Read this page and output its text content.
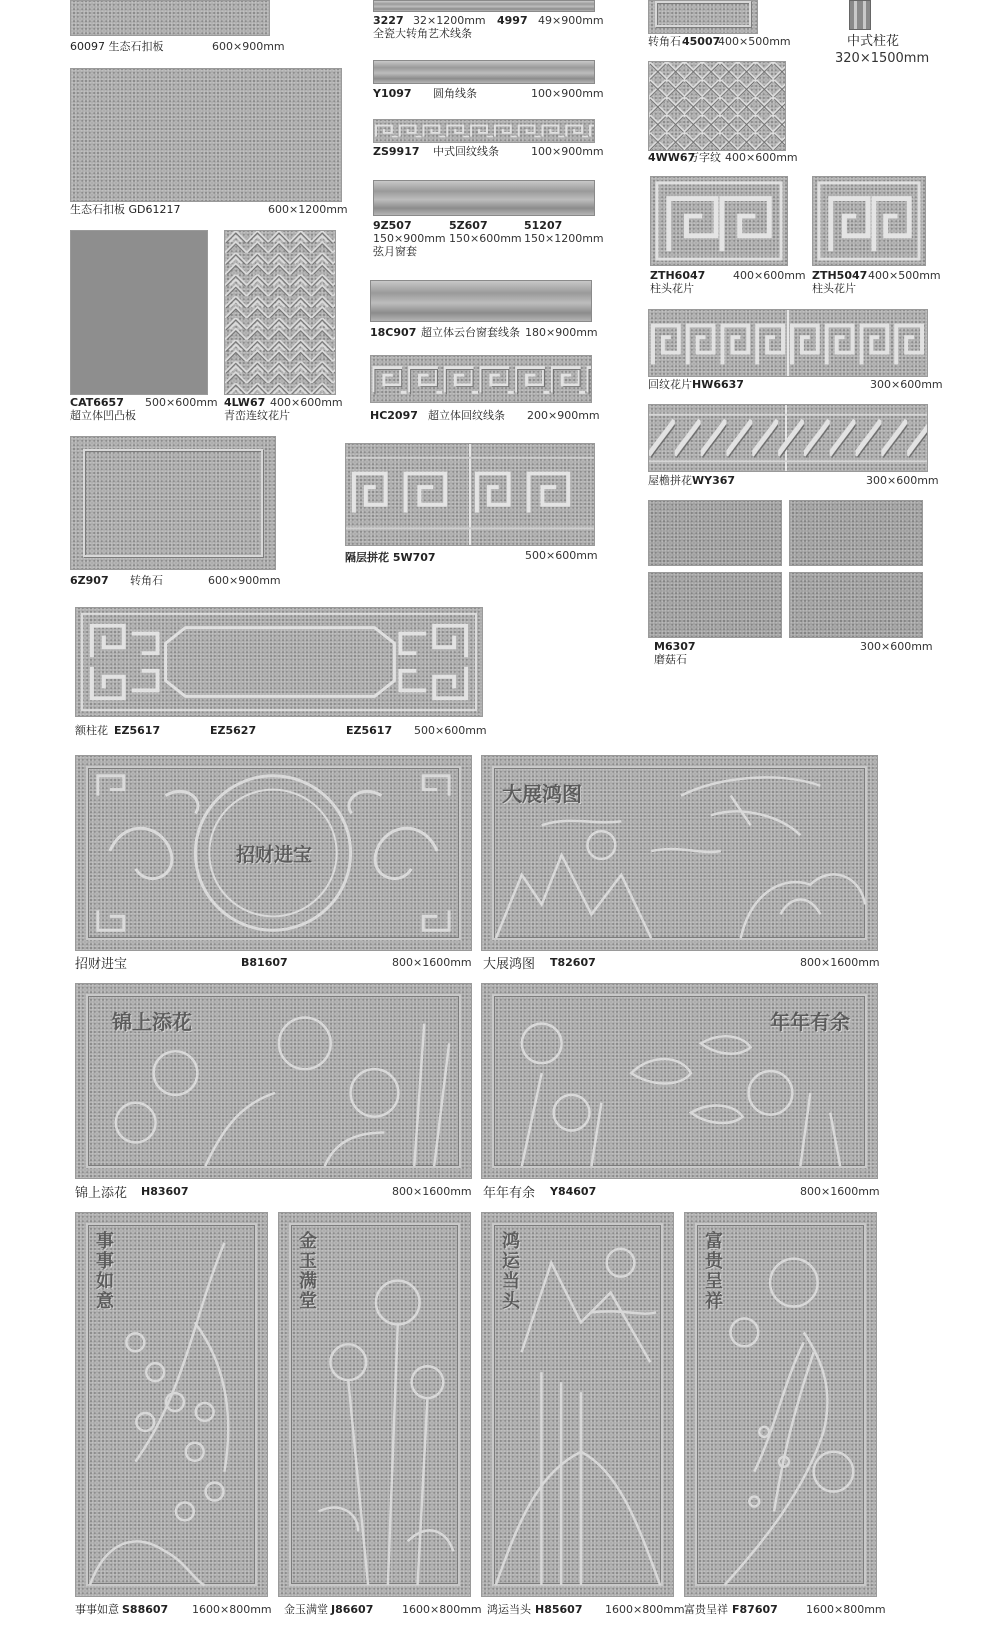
60097 生态石扣板	600×900mm
生态石扣板 GD61217	600×1200mm
CAT6657 500×600mm
超立体凹凸板
4LW67 400×600mm
青峦连纹花片
6Z907 转角石	600×900mm
3227 32×1200mm 4997 49×900mm
全瓷大转角艺术线条
Y1097 圆角线条	100×900mm
ZS9917 中式回纹线条	100×900mm
9Z507	5Z607	51207
150×900mm 150×600mm 150×1200mm
弦月窗套
18C907 超立体云台窗套线条 180×900mm
HC2097 超立体回纹线条 200×900mm
隔层拼花 5W707	500×600mm
转角石 45007
400×500mm	中式柱花
320×1500mm
4WW67
万字纹 400×600mm
ZTH6047	400×600mm
柱头花片
ZTH5047 400×500mm
柱头花片
回纹花片 HW6637	300×600mm
屋檐拼花 WY367	300×600mm
M6307
磨菇石
300×600mm
额柱花 EZ5617	EZ5627	EZ5617 500×600mm
招财进宝
招财进宝	B81607	800×1600mm
大展鸿图
大展鸿图 T82607	800×1600mm
锦上添花
锦上添花 H83607	800×1600mm
年年有余
年年有余 Y84607	800×1600mm
事事如意
事事如意 S88607 1600×800mm
金玉满堂
金玉满堂 J86607	1600×800mm
鸿运当头
鸿运当头 H85607 1600×800mm
富贵呈祥
富贵呈祥 F87607	1600×800mm
